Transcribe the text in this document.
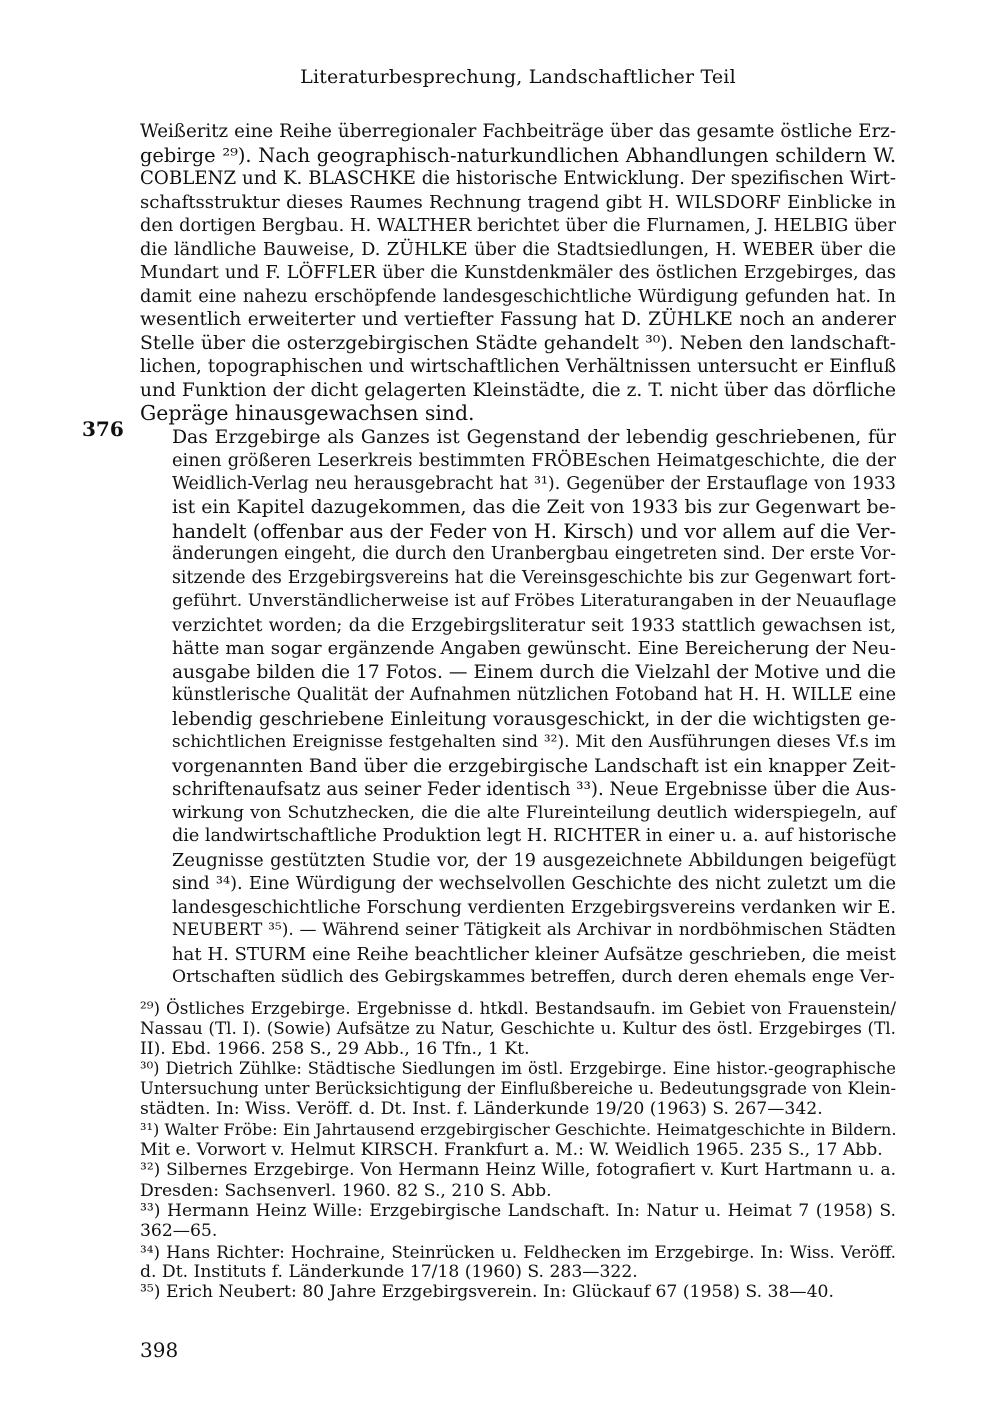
Literaturbesprechung, Landschaftlicher Teil
376
Weißeritz eine Reihe überregionaler Fachbeiträge über das gesamte östliche Erz-
gebirge ²⁹). Nach geographisch-naturkundlichen Abhandlungen schildern W.
COBLENZ und K. BLASCHKE die historische Entwicklung. Der spezifischen Wirt-
schaftsstruktur dieses Raumes Rechnung tragend gibt H. WILSDORF Einblicke in
den dortigen Bergbau. H. WALTHER berichtet über die Flurnamen, J. HELBIG über
die ländliche Bauweise, D. ZÜHLKE über die Stadtsiedlungen, H. WEBER über die
Mundart und F. LÖFFLER über die Kunstdenkmäler des östlichen Erzgebirges, das
damit eine nahezu erschöpfende landesgeschichtliche Würdigung gefunden hat. In
wesentlich erweiterter und vertiefter Fassung hat D. ZÜHLKE noch an anderer
Stelle über die osterzgebirgischen Städte gehandelt ³⁰). Neben den landschaft-
lichen, topographischen und wirtschaftlichen Verhältnissen untersucht er Einfluß
und Funktion der dicht gelagerten Kleinstädte, die z. T. nicht über das dörfliche
Gepräge hinausgewachsen sind.
Das Erzgebirge als Ganzes ist Gegenstand der lebendig geschriebenen, für
einen größeren Leserkreis bestimmten FRÖBEschen Heimatgeschichte, die der
Weidlich-Verlag neu herausgebracht hat ³¹). Gegenüber der Erstauflage von 1933
ist ein Kapitel dazugekommen, das die Zeit von 1933 bis zur Gegenwart be-
handelt (offenbar aus der Feder von H. Kirsch) und vor allem auf die Ver-
änderungen eingeht, die durch den Uranbergbau eingetreten sind. Der erste Vor-
sitzende des Erzgebirgsvereins hat die Vereinsgeschichte bis zur Gegenwart fort-
geführt. Unverständlicherweise ist auf Fröbes Literaturangaben in der Neuauflage
verzichtet worden; da die Erzgebirgsliteratur seit 1933 stattlich gewachsen ist,
hätte man sogar ergänzende Angaben gewünscht. Eine Bereicherung der Neu-
ausgabe bilden die 17 Fotos. — Einem durch die Vielzahl der Motive und die
künstlerische Qualität der Aufnahmen nützlichen Fotoband hat H. H. WILLE eine
lebendig geschriebene Einleitung vorausgeschickt, in der die wichtigsten ge-
schichtlichen Ereignisse festgehalten sind ³²). Mit den Ausführungen dieses Vf.s im
vorgenannten Band über die erzgebirgische Landschaft ist ein knapper Zeit-
schriftenaufsatz aus seiner Feder identisch ³³). Neue Ergebnisse über die Aus-
wirkung von Schutzhecken, die die alte Flureinteilung deutlich widerspiegeln, auf
die landwirtschaftliche Produktion legt H. RICHTER in einer u. a. auf historische
Zeugnisse gestützten Studie vor, der 19 ausgezeichnete Abbildungen beigefügt
sind ³⁴). Eine Würdigung der wechselvollen Geschichte des nicht zuletzt um die
landesgeschichtliche Forschung verdienten Erzgebirgsvereins verdanken wir E.
NEUBERT ³⁵). — Während seiner Tätigkeit als Archivar in nordböhmischen Städten
hat H. STURM eine Reihe beachtlicher kleiner Aufsätze geschrieben, die meist
Ortschaften südlich des Gebirgskammes betreffen, durch deren ehemals enge Ver-
²⁹) Östliches Erzgebirge. Ergebnisse d. htkdl. Bestandsaufn. im Gebiet von Frauenstein/
Nassau (Tl. I). (Sowie) Aufsätze zu Natur, Geschichte u. Kultur des östl. Erzgebirges (Tl.
II). Ebd. 1966. 258 S., 29 Abb., 16 Tfn., 1 Kt.
³⁰) Dietrich Zühlke: Städtische Siedlungen im östl. Erzgebirge. Eine histor.-geographische
Untersuchung unter Berücksichtigung der Einflußbereiche u. Bedeutungsgrade von Klein-
städten. In: Wiss. Veröff. d. Dt. Inst. f. Länderkunde 19/20 (1963) S. 267—342.
³¹) Walter Fröbe: Ein Jahrtausend erzgebirgischer Geschichte. Heimatgeschichte in Bildern.
Mit e. Vorwort v. Helmut KIRSCH. Frankfurt a. M.: W. Weidlich 1965. 235 S., 17 Abb.
³²) Silbernes Erzgebirge. Von Hermann Heinz Wille, fotografiert v. Kurt Hartmann u. a.
Dresden: Sachsenverl. 1960. 82 S., 210 S. Abb.
³³) Hermann Heinz Wille: Erzgebirgische Landschaft. In: Natur u. Heimat 7 (1958) S.
362—65.
³⁴) Hans Richter: Hochraine, Steinrücken u. Feldhecken im Erzgebirge. In: Wiss. Veröff.
d. Dt. Instituts f. Länderkunde 17/18 (1960) S. 283—322.
³⁵) Erich Neubert: 80 Jahre Erzgebirgsverein. In: Glückauf 67 (1958) S. 38—40.
398
